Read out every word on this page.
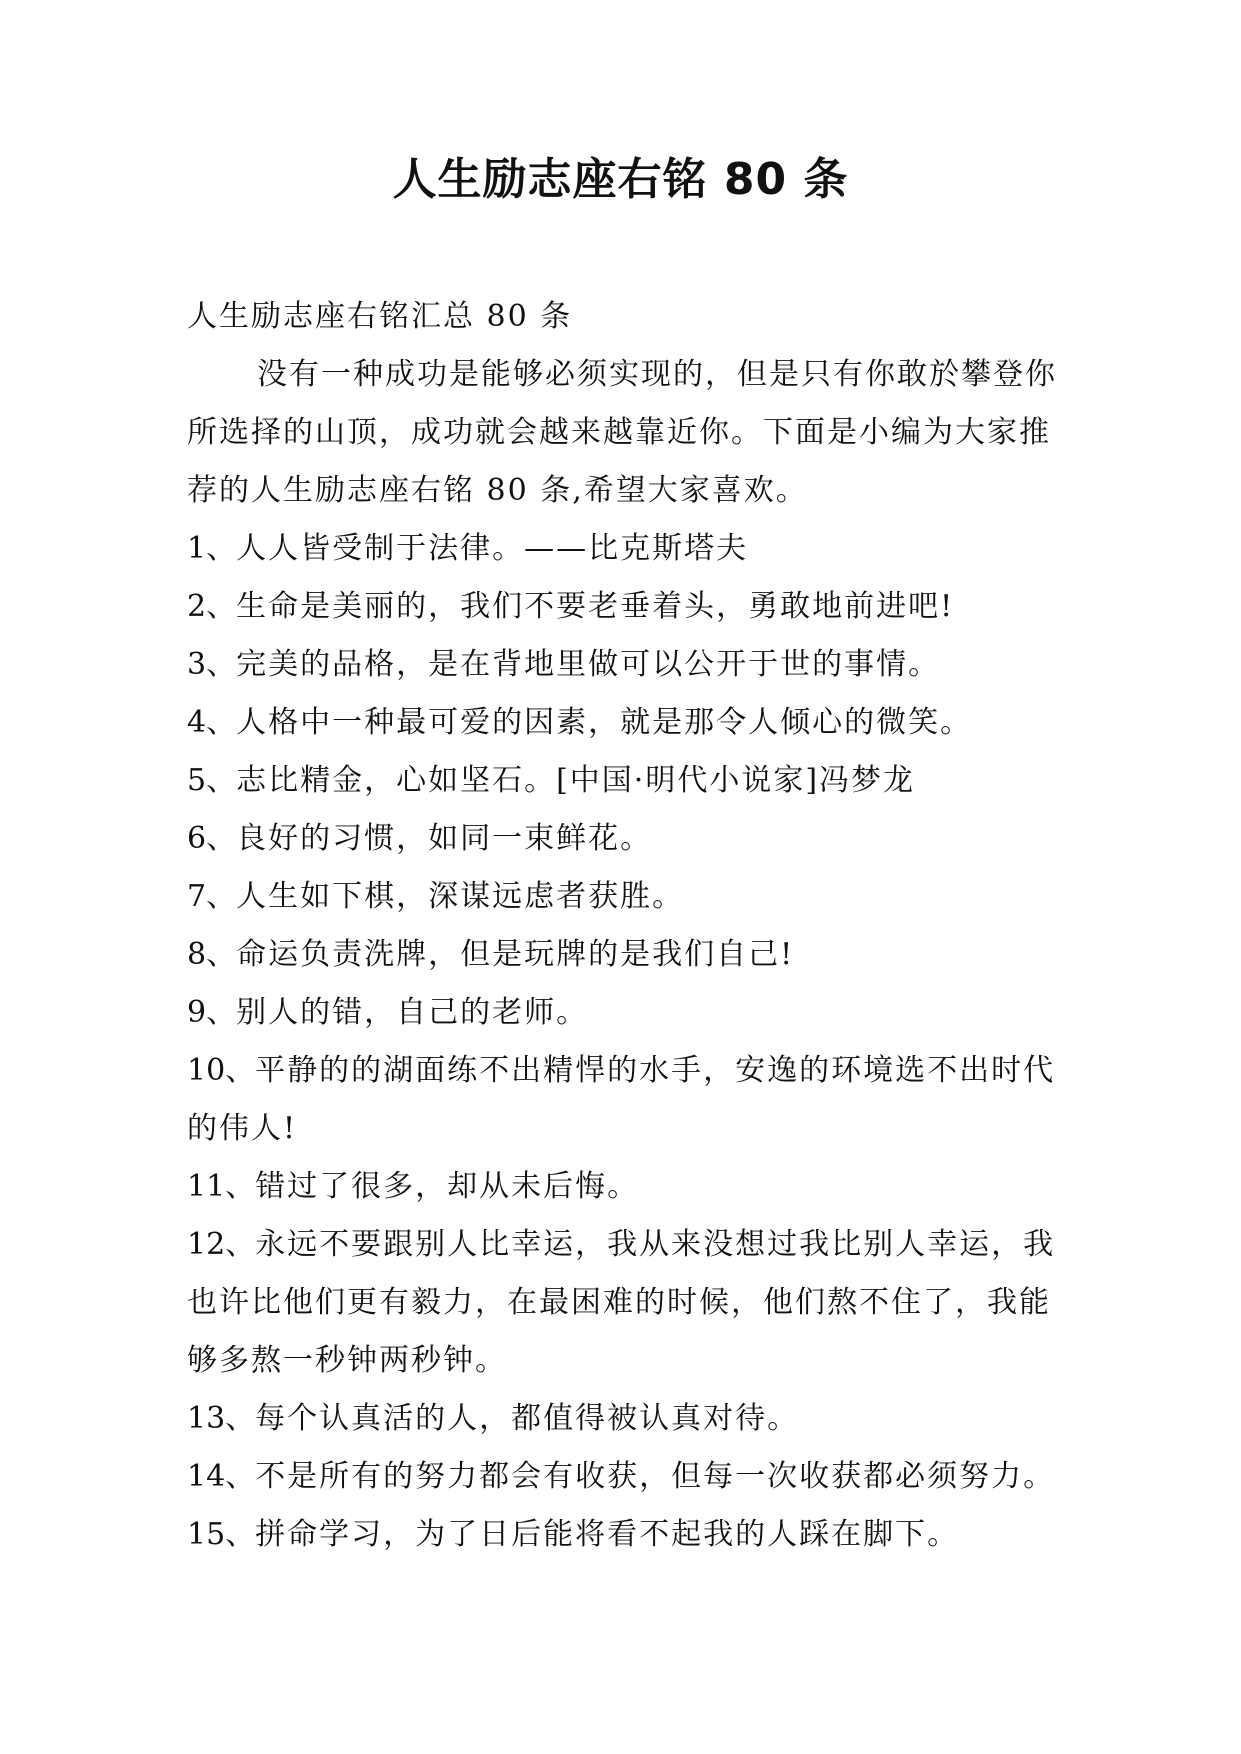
人生励志座右铭 80 条

人生励志座右铭汇总 80 条

没有一种成功是能够必须实现的，但是只有你敢於攀登你所选择的山顶，成功就会越来越靠近你。下面是小编为大家推荐的人生励志座右铭 80 条,希望大家喜欢。

1、人人皆受制于法律。——比克斯塔夫

2、生命是美丽的，我们不要老垂着头，勇敢地前进吧!

3、完美的品格，是在背地里做可以公开于世的事情。

4、人格中一种最可爱的因素，就是那令人倾心的微笑。

5、志比精金，心如坚石。[中国·明代小说家]冯梦龙

6、良好的习惯，如同一束鲜花。

7、人生如下棋，深谋远虑者获胜。

8、命运负责洗牌，但是玩牌的是我们自己!

9、别人的错，自己的老师。

10、平静的的湖面练不出精悍的水手，安逸的环境选不出时代的伟人!

11、错过了很多，却从未后悔。

12、永远不要跟别人比幸运，我从来没想过我比别人幸运，我也许比他们更有毅力，在最困难的时候，他们熬不住了，我能够多熬一秒钟两秒钟。

13、每个认真活的人，都值得被认真对待。

14、不是所有的努力都会有收获，但每一次收获都必须努力。

15、拼命学习，为了日后能将看不起我的人踩在脚下。
